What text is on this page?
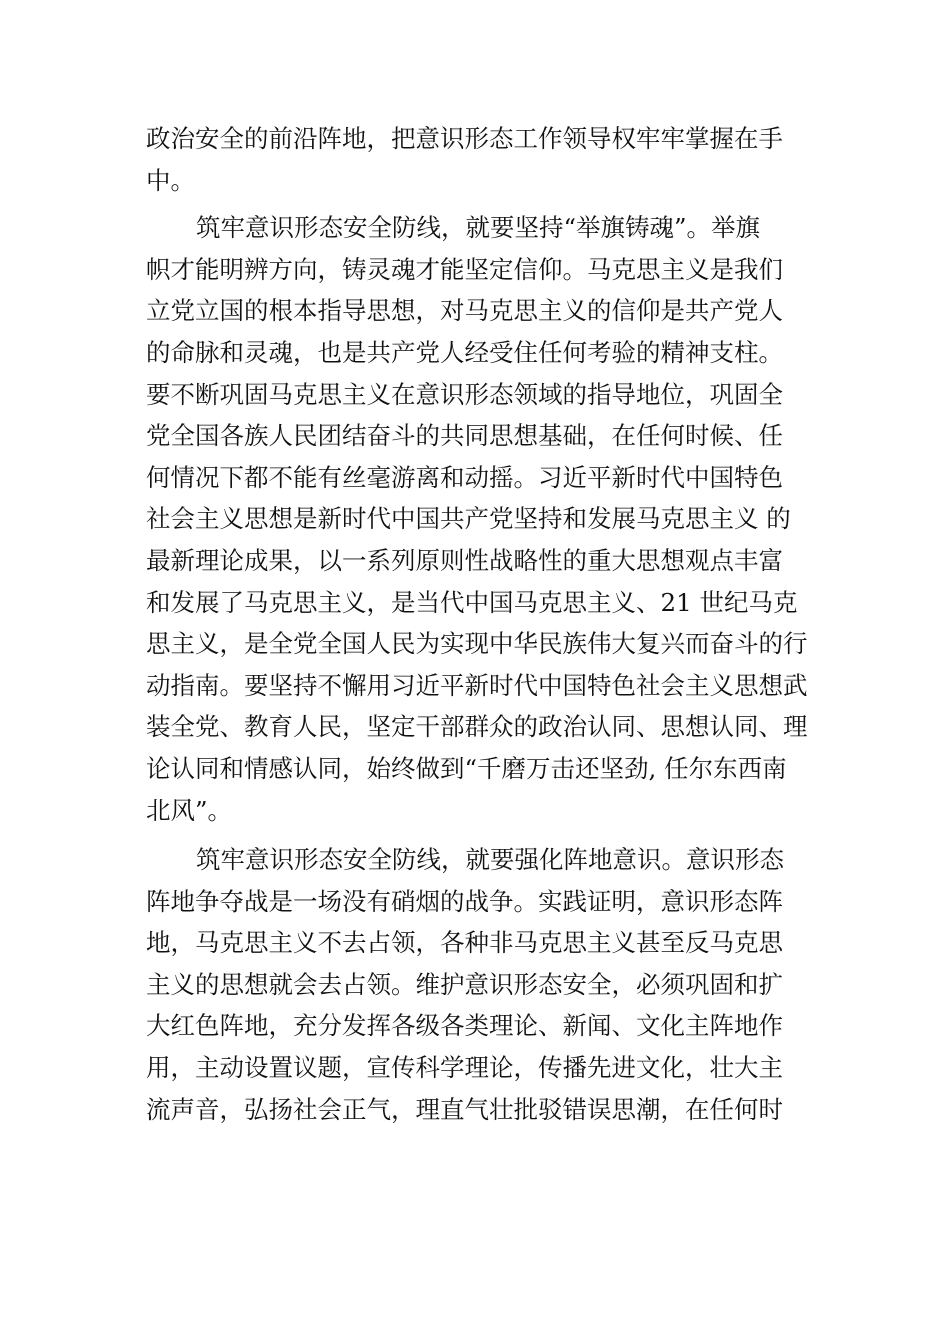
政治安全的前沿阵地，把意识形态工作领导权牢牢掌握在手
中。
筑牢意识形态安全防线，就要坚持“举旗铸魂”。举旗
帜才能明辨方向，铸灵魂才能坚定信仰。马克思主义是我们
立党立国的根本指导思想，对马克思主义的信仰是共产党人
的命脉和灵魂，也是共产党人经受住任何考验的精神支柱。
要不断巩固马克思主义在意识形态领域的指导地位，巩固全
党全国各族人民团结奋斗的共同思想基础，在任何时候、任
何情况下都不能有丝毫游离和动摇。习近平新时代中国特色
社会主义思想是新时代中国共产党坚持和发展马克思主义 的
最新理论成果，以一系列原则性战略性的重大思想观点丰富
和发展了马克思主义，是当代中国马克思主义、21 世纪马克
思主义，是全党全国人民为实现中华民族伟大复兴而奋斗的行
动指南。要坚持不懈用习近平新时代中国特色社会主义思想武
装全党、教育人民，坚定干部群众的政治认同、思想认同、理
论认同和情感认同，始终做到“千磨万击还坚劲, 任尔东西南
北风”。
筑牢意识形态安全防线，就要强化阵地意识。意识形态
阵地争夺战是一场没有硝烟的战争。实践证明，意识形态阵
地，马克思主义不去占领，各种非马克思主义甚至反马克思
主义的思想就会去占领。维护意识形态安全，必须巩固和扩
大红色阵地，充分发挥各级各类理论、新闻、文化主阵地作
用，主动设置议题，宣传科学理论，传播先进文化，壮大主
流声音，弘扬社会正气，理直气壮批驳错误思潮，在任何时
